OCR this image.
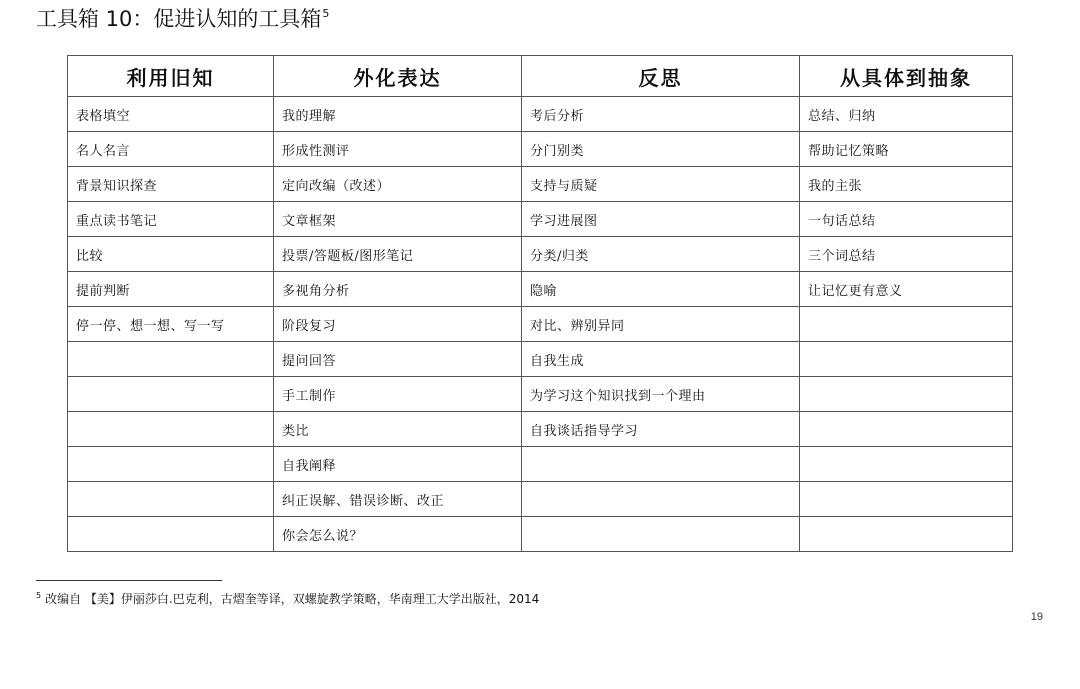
工具箱 10：促进认知的工具箱$^5$
利用旧知	外化表达	反思	从具体到抽象
表格填空	我的理解	考后分析	总结、归纳
名人名言	形成性测评	分门别类	帮助记忆策略
背景知识探查	定向改编（改述）	支持与质疑	我的主张
重点读书笔记	文章框架	学习进展图	一句话总结
比较	投票/答题板/图形笔记	分类/归类	三个词总结
提前判断	多视角分析	隐喻	让记忆更有意义
停一停、想一想、写一写	阶段复习	对比、辨别异同	
	提问回答	自我生成	
	手工制作	为学习这个知识找到一个理由	
	类比	自我谈话指导学习	
	自我阐释		
	纠正误解、错误诊断、改正		
	你会怎么说？		
$^5$ 改编自 【美】伊丽莎白.巴克利，古熠奎等译，双螺旋教学策略，华南理工大学出版社，2014
19
